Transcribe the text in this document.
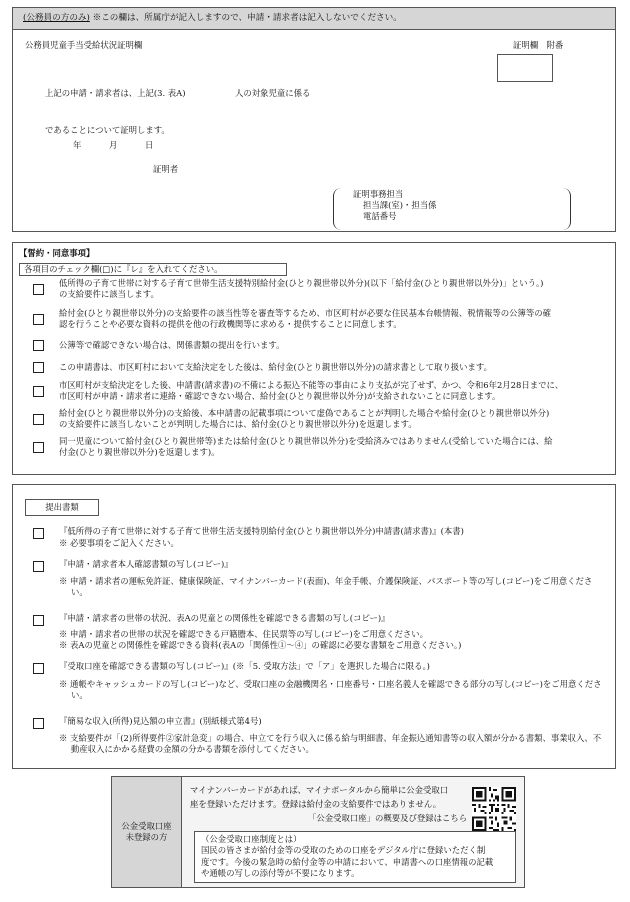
(公務員の方のみ) ※この欄は、所属庁が記入しますので、申請・請求者は記入しないでください。
公務員児童手当受給状況証明欄	証明欄　附番
上記の申請・請求者は、上記(3. 表A)	人の対象児童に係る
であることについて証明します。
年	月	日
証明者
証明事務担当
担当課(室)・担当係
電話番号
【誓約・同意事項】
各項目のチェック欄(□)に『レ』を入れてください。
低所得の子育て世帯に対する子育て世帯生活支援特別給付金(ひとり親世帯以外分)(以下「給付金(ひとり親世帯以外分)」という。)
の支給要件に該当します。
給付金(ひとり親世帯以外分)の支給要件の該当性等を審査等するため、市区町村が必要な住民基本台帳情報、税情報等の公簿等の確
認を行うことや必要な資料の提供を他の行政機関等に求める・提供することに同意します。
公簿等で確認できない場合は、関係書類の提出を行います。
この申請書は、市区町村において支給決定をした後は、給付金(ひとり親世帯以外分)の請求書として取り扱います。
市区町村が支給決定をした後、申請書(請求書)の不備による振込不能等の事由により支払が完了せず、かつ、令和6年2月28日までに、
市区町村が申請・請求者に連絡・確認できない場合、給付金(ひとり親世帯以外分)が支給されないことに同意します。
給付金(ひとり親世帯以外分)の支給後、本申請書の記載事項について虚偽であることが判明した場合や給付金(ひとり親世帯以外分)
の支給要件に該当しないことが判明した場合には、給付金(ひとり親世帯以外分)を返還します。
同一児童について給付金(ひとり親世帯等)または給付金(ひとり親世帯以外分)を受給済みではありません(受給していた場合には、給
付金(ひとり親世帯以外分)を返還します)。
提出書類
『低所得の子育て世帯に対する子育て世帯生活支援特別給付金(ひとり親世帯以外分)申請書(請求書)』(本書)
※ 必要事項をご記入ください。
『申請・請求者本人確認書類の写し(コピー)』
※ 申請・請求者の運転免許証、健康保険証、マイナンバーカード(表面)、年金手帳、介護保険証、パスポート等の写し(コピー)をご用意ください。
『申請・請求者の世帯の状況、表Aの児童との関係性を確認できる書類の写し(コピー)』
※ 申請・請求者の世帯の状況を確認できる戸籍謄本、住民票等の写し(コピー)をご用意ください。
※ 表Aの児童との関係性を確認できる資料(表Aの「関係性①～④」の確認に必要な書類をご用意ください。)
『受取口座を確認できる書類の写し(コピー)』(※「5. 受取方法」で「ア」を選択した場合に限る。)
※ 通帳やキャッシュカードの写し(コピー)など、受取口座の金融機関名・口座番号・口座名義人を確認できる部分の写し(コピー)をご用意ください。
『簡易な収入(所得)見込額の申立書』(別紙様式第4号)
※ 支給要件が「(2)所得要件②家計急変」の場合、申立てを行う収入に係る給与明細書、年金振込通知書等の収入額が分かる書類、事業収入、不動産収入にかかる経費の金額の分かる書類を添付してください。
公金受取口座
未登録の方
マイナンバーカードがあれば、マイナポータルから簡単に公金受取口
座を登録いただけます。登録は給付金の支給要件ではありません。
「公金受取口座」の概要及び登録はこちら
（公金受取口座制度とは）
国民の皆さまが給付金等の受取のための口座をデジタル庁に登録いただく制
度です。今後の緊急時の給付金等の申請において、申請書への口座情報の記載
や通帳の写しの添付等が不要になります。
